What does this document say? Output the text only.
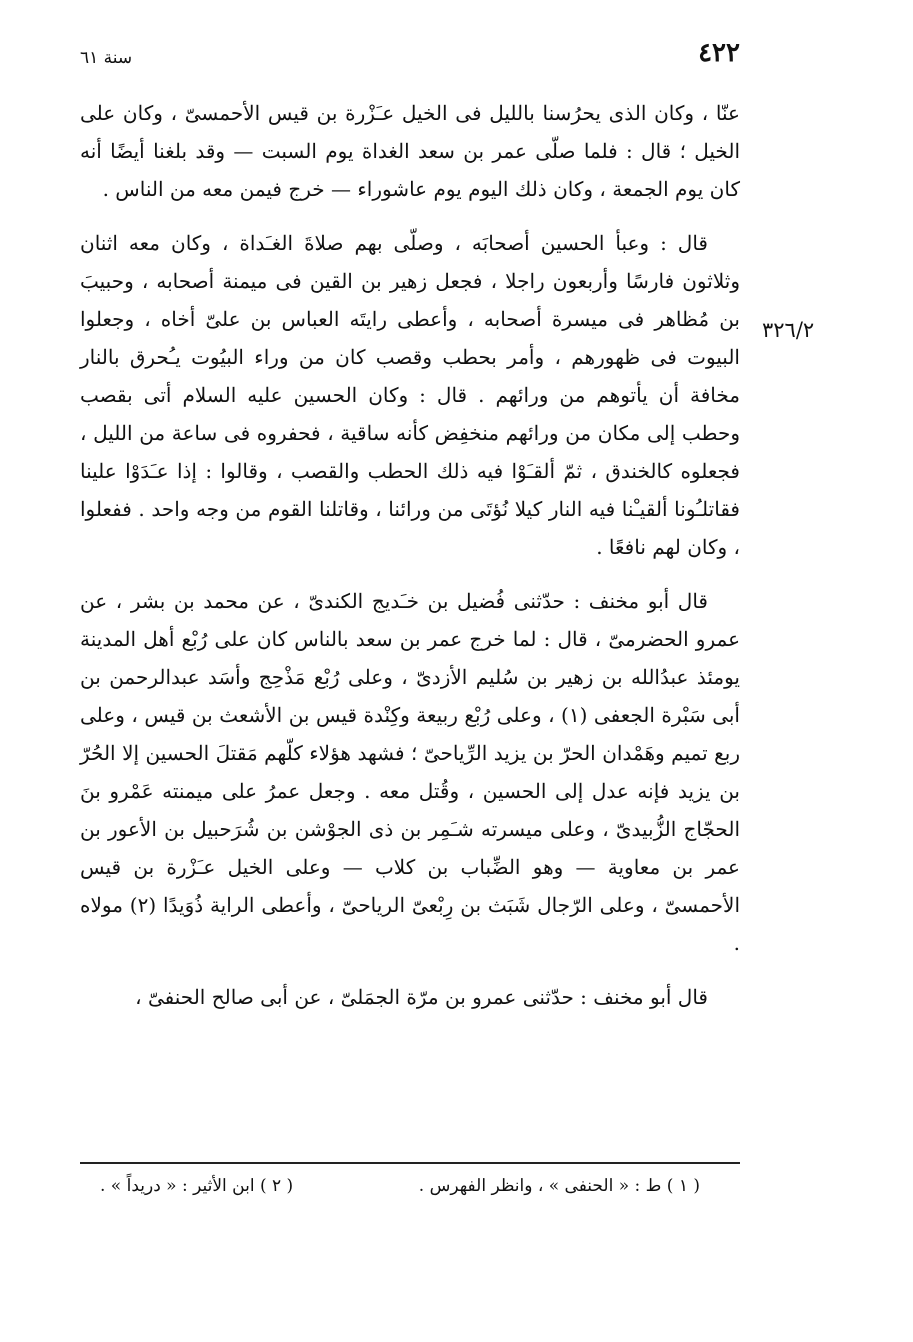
٤٢٢
سنة ٦١
٣٢٦/٢

عنّا ، وكان الذى يحرُسنا بالليل فى الخيل عـَزْرة بن قيس الأحمسىّ ، وكان على الخيل ؛ قال : فلما صلّى عمر بن سعد الغداة يوم السبت — وقد بلغنا أيضًا أنه كان يوم الجمعة ، وكان ذلك اليوم يوم عاشوراء — خرج فيمن معه من الناس .

قال : وعبأ الحسين أصحابَه ، وصلّى بهم صلاةَ الغـَداة ، وكان معه اثنان وثلاثون فارسًا وأربعون راجلا ، فجعل زهير بن القين فى ميمنة أصحابه ، وحبيبَ بن مُظاهر فى ميسرة أصحابه ، وأعطى رايتَه العباس بن علىّ أخاه ، وجعلوا البيوت فى ظهورهم ، وأمر بحطب وقصب كان من وراء البيُوت يـُحرق بالنار مخافة أن يأتوهم من ورائهم . قال : وكان الحسين عليه السلام أتى بقصب وحطب إلى مكان من ورائهم منخفِض كأنه ساقية ، فحفروه فى ساعة من الليل ، فجعلوه كالخندق ، ثمّ ألقـَوْا فيه ذلك الحطب والقصب ، وقالوا : إذا عـَدَوْا علينا فقاتلـُونا ألقيـْنا فيه النار كيلا نُؤتَى من ورائنا ، وقاتلنا القوم من وجه واحد . ففعلوا ، وكان لهم نافعًا .

قال أبو مخنف : حدّثنى فُضيل بن خـَديج الكندىّ ، عن محمد بن بشر ، عن عمرو الحضرمىّ ، قال : لما خرج عمر بن سعد بالناس كان على رُبْع أهل المدينة يومئذ عبدُالله بن زهير بن سُليم الأزدىّ ، وعلى رُبْع مَذْحِج وأسَد عبدالرحمن بن أبى سَبْرة الجعفى (١) ، وعلى رُبْع ربيعة وكِنْدة قيس بن الأشعث بن قيس ، وعلى ربع تميم وهَمْدان الحرّ بن يزيد الرِّياحىّ ؛ فشهد هؤلاء كلّهم مَقتلَ الحسين إلا الحُرّ بن يزيد فإنه عدل إلى الحسين ، وقُتل معه . وجعل عمرُ على ميمنته عَمْرو بنَ الحجّاج الزُّبيدىّ ، وعلى ميسرته شـَمِر بن ذى الجوْشن بن شُرَحبيل بن الأعور بن عمر بن معاوية — وهو الضِّباب بن كلاب — وعلى الخيل عـَزْرة بن قيس الأحمسىّ ، وعلى الرّجال شَبَث بن رِبْعىّ الرياحىّ ، وأعطى الراية ذُوَيدًا (٢) مولاه .

قال أبو مخنف : حدّثنى عمرو بن مرّة الجمَلىّ ، عن أبى صالح الحنفىّ ،

( ١ ) ط : « الحنفى » ، وانظر الفهرس .
( ٢ ) ابن الأثير : « دريداً » .
